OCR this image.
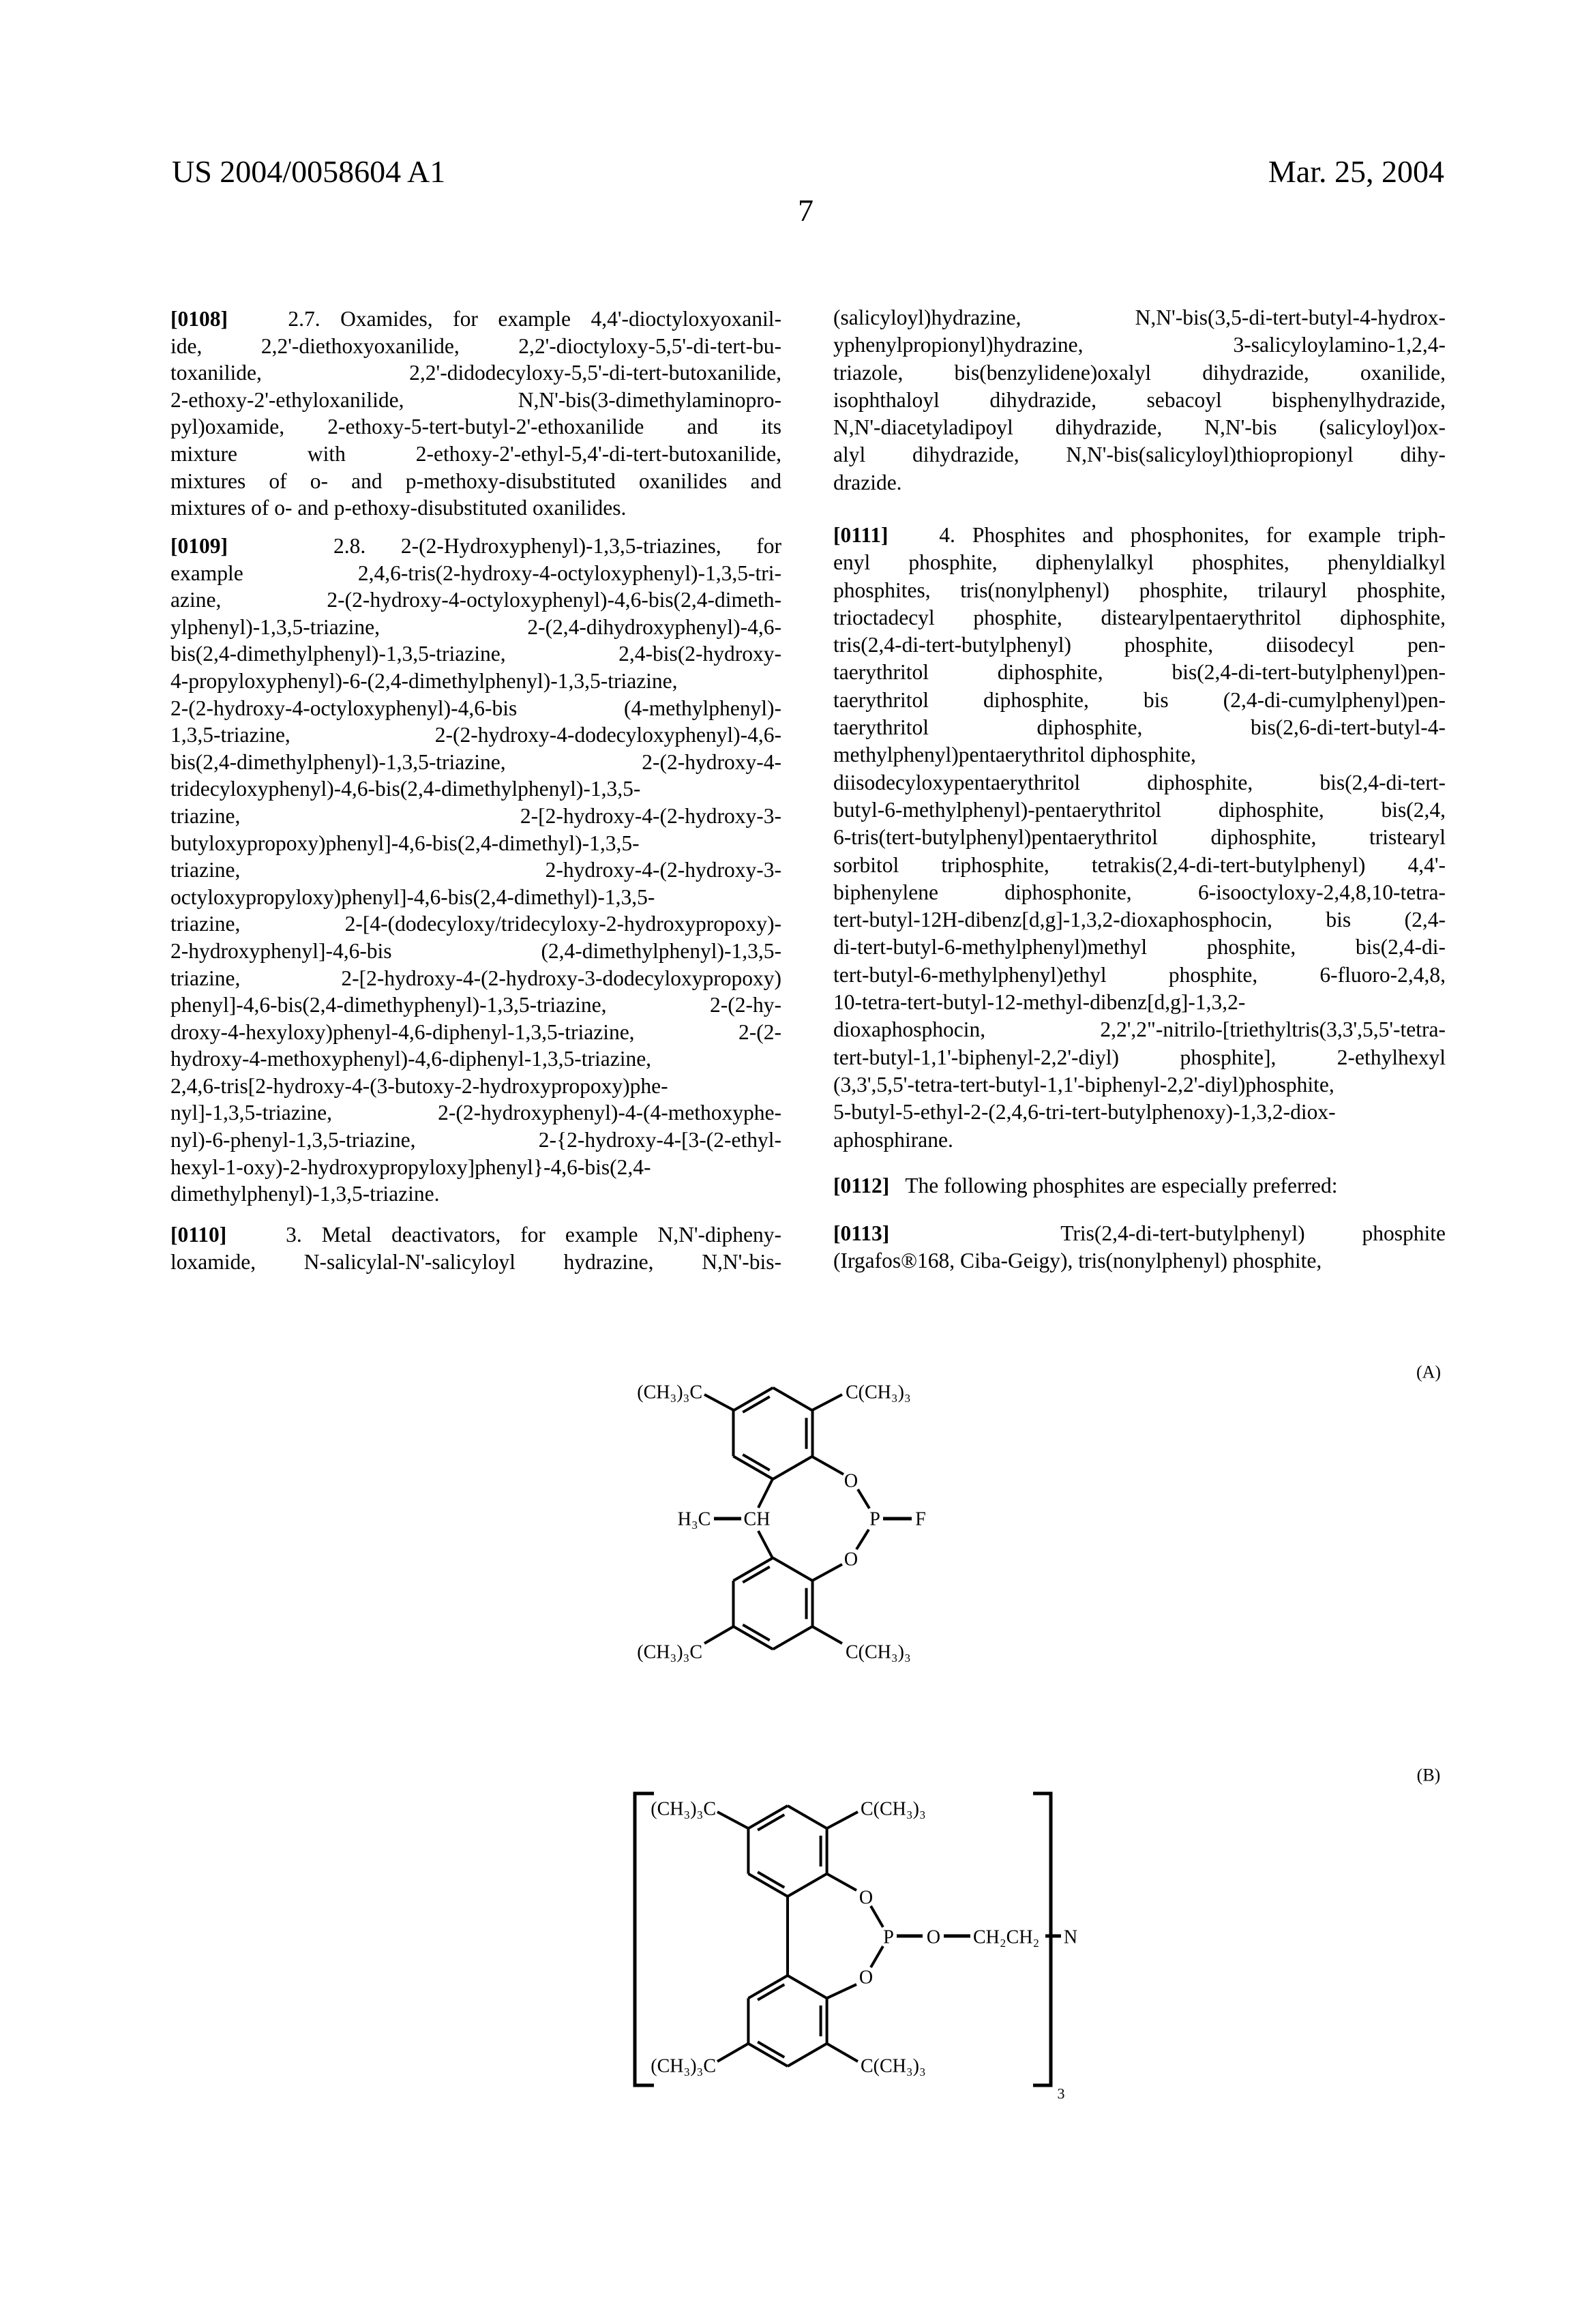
US 2004/0058604 A1	Mar. 25, 2004
7
[0108]	2.7. Oxamides, for example 4,4'-dioctyloxyoxanil-
ide, 2,2'-diethoxyoxanilide, 2,2'-dioctyloxy-5,5'-di-tert-bu-
toxanilide, 2,2'-didodecyloxy-5,5'-di-tert-butoxanilide,
2-ethoxy-2'-ethyloxanilide, N,N'-bis(3-dimethylaminopro-
pyl)oxamide, 2-ethoxy-5-tert-butyl-2'-ethoxanilide and its
mixture with 2-ethoxy-2'-ethyl-5,4'-di-tert-butoxanilide,
mixtures of o- and p-methoxy-disubstituted oxanilides and
mixtures of o- and p-ethoxy-disubstituted oxanilides.
[0109]	2.8. 2-(2-Hydroxyphenyl)-1,3,5-triazines, for
example 2,4,6-tris(2-hydroxy-4-octyloxyphenyl)-1,3,5-tri-
azine, 2-(2-hydroxy-4-octyloxyphenyl)-4,6-bis(2,4-dimeth-
ylphenyl)-1,3,5-triazine, 2-(2,4-dihydroxyphenyl)-4,6-
bis(2,4-dimethylphenyl)-1,3,5-triazine, 2,4-bis(2-hydroxy-
4-propyloxyphenyl)-6-(2,4-dimethylphenyl)-1,3,5-triazine,
2-(2-hydroxy-4-octyloxyphenyl)-4,6-bis (4-methylphenyl)-
1,3,5-triazine, 2-(2-hydroxy-4-dodecyloxyphenyl)-4,6-
bis(2,4-dimethylphenyl)-1,3,5-triazine, 2-(2-hydroxy-4-
tridecyloxyphenyl)-4,6-bis(2,4-dimethylphenyl)-1,3,5-
triazine, 2-[2-hydroxy-4-(2-hydroxy-3-
butyloxypropoxy)phenyl]-4,6-bis(2,4-dimethyl)-1,3,5-
triazine, 2-hydroxy-4-(2-hydroxy-3-
octyloxypropyloxy)phenyl]-4,6-bis(2,4-dimethyl)-1,3,5-
triazine, 2-[4-(dodecyloxy/tridecyloxy-2-hydroxypropoxy)-
2-hydroxyphenyl]-4,6-bis (2,4-dimethylphenyl)-1,3,5-
triazine, 2-[2-hydroxy-4-(2-hydroxy-3-dodecyloxypropoxy)
phenyl]-4,6-bis(2,4-dimethyphenyl)-1,3,5-triazine, 2-(2-hy-
droxy-4-hexyloxy)phenyl-4,6-diphenyl-1,3,5-triazine, 2-(2-
hydroxy-4-methoxyphenyl)-4,6-diphenyl-1,3,5-triazine,
2,4,6-tris[2-hydroxy-4-(3-butoxy-2-hydroxypropoxy)phe-
nyl]-1,3,5-triazine, 2-(2-hydroxyphenyl)-4-(4-methoxyphe-
nyl)-6-phenyl-1,3,5-triazine, 2-{2-hydroxy-4-[3-(2-ethyl-
hexyl-1-oxy)-2-hydroxypropyloxy]phenyl}-4,6-bis(2,4-
dimethylphenyl)-1,3,5-triazine.
[0110]	3. Metal deactivators, for example N,N'-dipheny-
loxamide, N-salicylal-N'-salicyloyl hydrazine, N,N'-bis-
(salicyloyl)hydrazine, N,N'-bis(3,5-di-tert-butyl-4-hydrox-
yphenylpropionyl)hydrazine, 3-salicyloylamino-1,2,4-
triazole, bis(benzylidene)oxalyl dihydrazide, oxanilide,
isophthaloyl dihydrazide, sebacoyl bisphenylhydrazide,
N,N'-diacetyladipoyl dihydrazide, N,N'-bis (salicyloyl)ox-
alyl dihydrazide, N,N'-bis(salicyloyl)thiopropionyl dihy-
drazide.
[0111] 4. Phosphites and phosphonites, for example triph-
enyl phosphite, diphenylalkyl phosphites, phenyldialkyl
phosphites, tris(nonylphenyl) phosphite, trilauryl phosphite,
trioctadecyl phosphite, distearylpentaerythritol diphosphite,
tris(2,4-di-tert-butylphenyl) phosphite, diisodecyl pen-
taerythritol diphosphite, bis(2,4-di-tert-butylphenyl)pen-
taerythritol diphosphite, bis (2,4-di-cumylphenyl)pen-
taerythritol diphosphite, bis(2,6-di-tert-butyl-4-
methylphenyl)pentaerythritol diphosphite,
diisodecyloxypentaerythritol diphosphite, bis(2,4-di-tert-
butyl-6-methylphenyl)-pentaerythritol diphosphite, bis(2,4,
6-tris(tert-butylphenyl)pentaerythritol diphosphite, tristearyl
sorbitol triphosphite, tetrakis(2,4-di-tert-butylphenyl) 4,4'-
biphenylene diphosphonite, 6-isooctyloxy-2,4,8,10-tetra-
tert-butyl-12H-dibenz[d,g]-1,3,2-dioxaphosphocin, bis (2,4-
di-tert-butyl-6-methylphenyl)methyl phosphite, bis(2,4-di-
tert-butyl-6-methylphenyl)ethyl phosphite, 6-fluoro-2,4,8,
10-tetra-tert-butyl-12-methyl-dibenz[d,g]-1,3,2-
dioxaphosphocin, 2,2',2"-nitrilo-[triethyltris(3,3',5,5'-tetra-
tert-butyl-1,1'-biphenyl-2,2'-diyl) phosphite], 2-ethylhexyl
(3,3',5,5'-tetra-tert-butyl-1,1'-biphenyl-2,2'-diyl)phosphite,
5-butyl-5-ethyl-2-(2,4,6-tri-tert-butylphenoxy)-1,3,2-diox-
aphosphirane.
[0112] The following phosphites are especially preferred:
[0113]	Tris(2,4-di-tert-butylphenyl) phosphite
(Irgafos®168, Ciba-Geigy), tris(nonylphenyl) phosphite,
(A)
(CH₃)₃C	C(CH₃)₃
(CH₃)₃C	C(CH₃)₃
O
O
P F
CH
H₃C
(B)
(CH₃)₃C	C(CH₃)₃
(CH₃)₃C	C(CH₃)₃
O
O
P O CH₂CH₂ N
3
